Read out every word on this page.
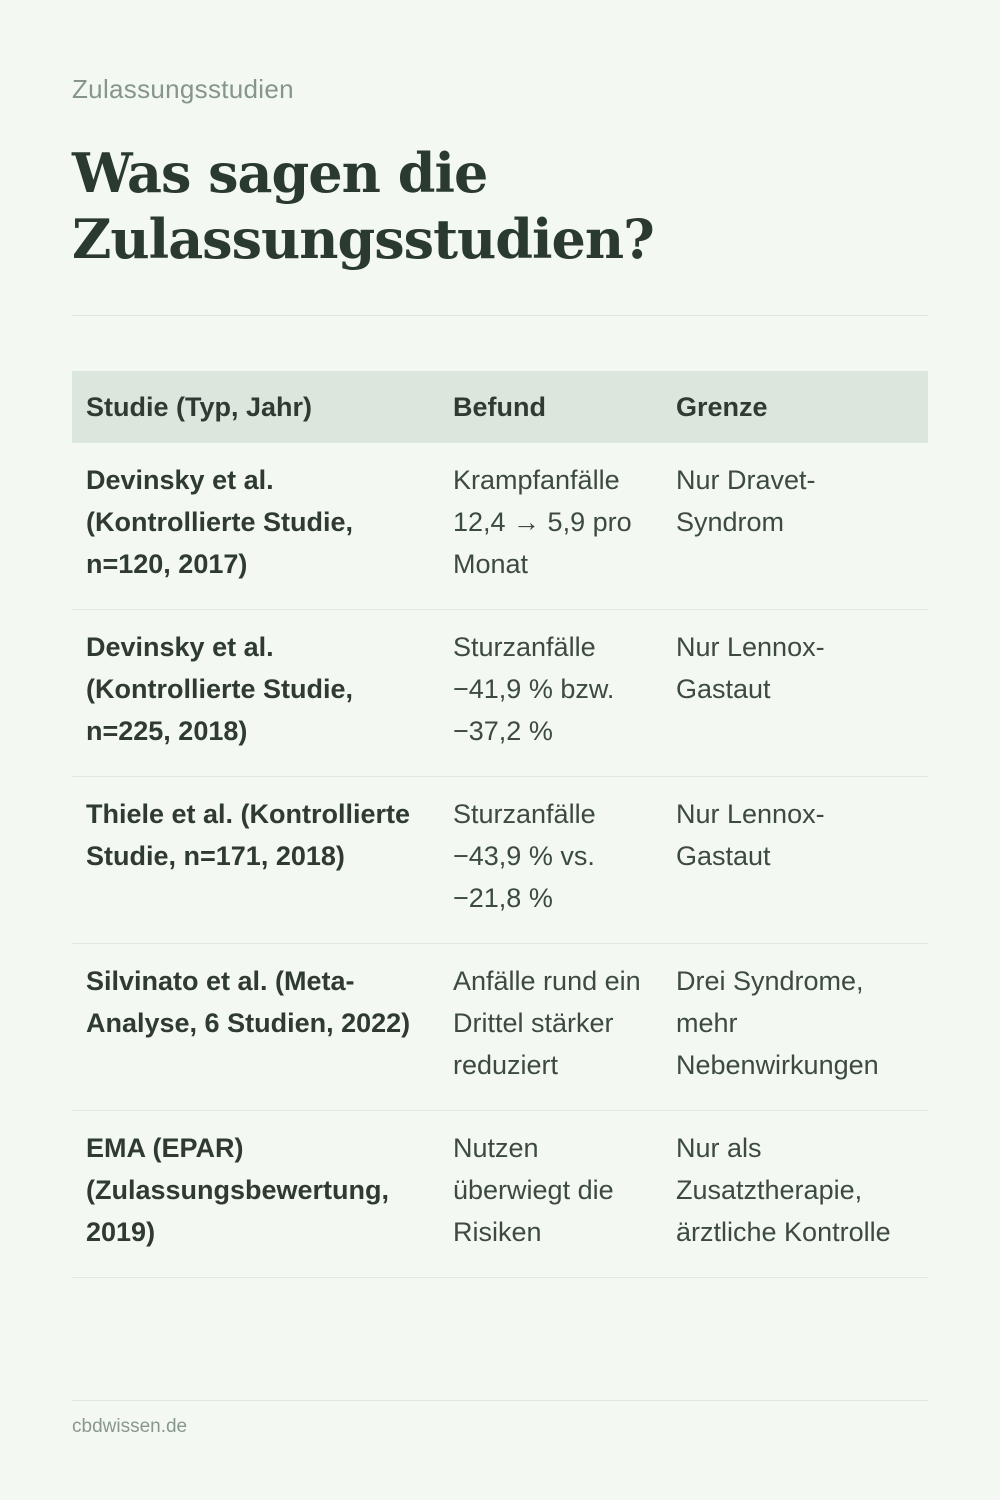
Zulassungsstudien
Was sagen die
Zulassungsstudien?
Studie (Typ, Jahr)	Befund	Grenze
Devinsky et al. (Kontrollierte Studie, n=120, 2017)	Krampfanfälle 12,4 → 5,9 pro Monat	Nur Dravet-Syndrom
Devinsky et al. (Kontrollierte Studie, n=225, 2018)	Sturzanfälle −41,9 % bzw. −37,2 %	Nur Lennox-Gastaut
Thiele et al. (Kontrollierte Studie, n=171, 2018)	Sturzanfälle −43,9 % vs. −21,8 %	Nur Lennox-Gastaut
Silvinato et al. (Meta-Analyse, 6 Studien, 2022)	Anfälle rund ein Drittel stärker reduziert	Drei Syndrome, mehr Nebenwirkungen
EMA (EPAR) (Zulassungsbewertung, 2019)	Nutzen überwiegt die Risiken	Nur als Zusatztherapie, ärztliche Kontrolle
cbdwissen.de
